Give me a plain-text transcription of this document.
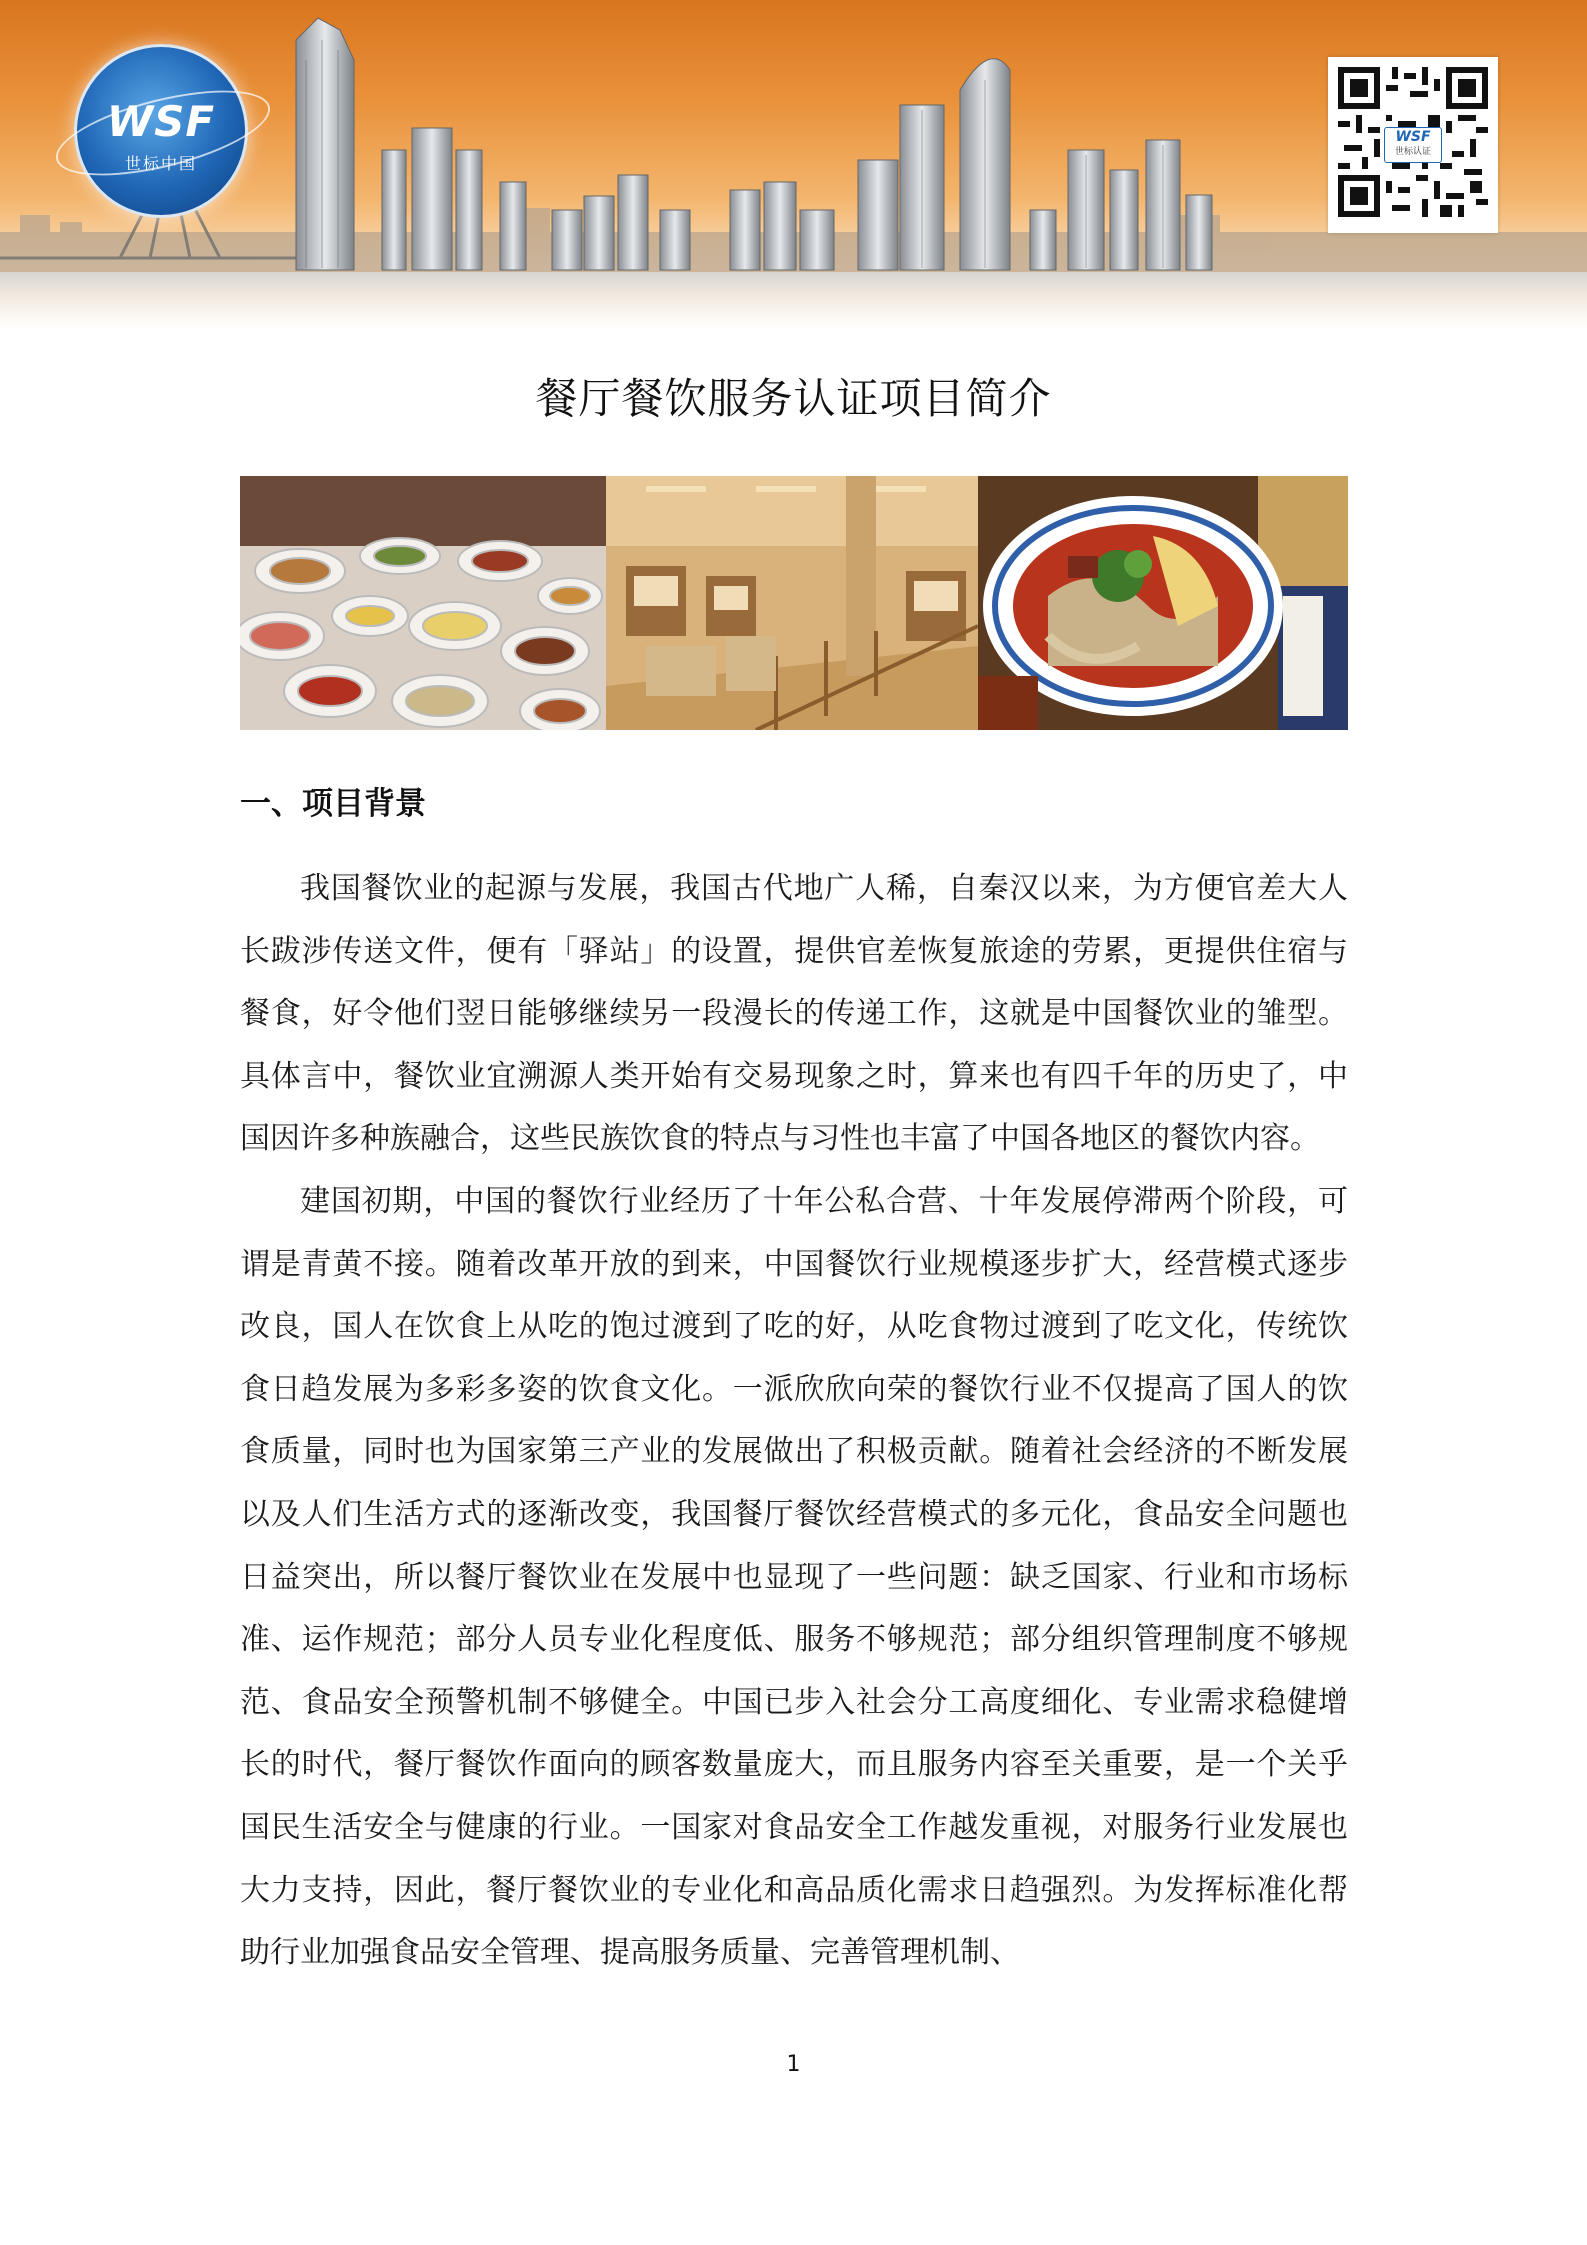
WSF
世标中国
WSF
世标认证
餐厅餐饮服务认证项目简介
一、项目背景

我国餐饮业的起源与发展，我国古代地广人稀，自秦汉以来，为方便官差大人长跋涉传送文件，便有「驿站」的设置，提供官差恢复旅途的劳累，更提供住宿与餐食，好令他们翌日能够继续另一段漫长的传递工作，这就是中国餐饮业的雏型。具体言中，餐饮业宜溯源人类开始有交易现象之时，算来也有四千年的历史了，中国因许多种族融合，这些民族饮食的特点与习性也丰富了中国各地区的餐饮内容。

建国初期，中国的餐饮行业经历了十年公私合营、十年发展停滞两个阶段，可谓是青黄不接。随着改革开放的到来，中国餐饮行业规模逐步扩大，经营模式逐步改良，国人在饮食上从吃的饱过渡到了吃的好，从吃食物过渡到了吃文化，传统饮食日趋发展为多彩多姿的饮食文化。一派欣欣向荣的餐饮行业不仅提高了国人的饮食质量，同时也为国家第三产业的发展做出了积极贡献。随着社会经济的不断发展以及人们生活方式的逐渐改变，我国餐厅餐饮经营模式的多元化，食品安全问题也日益突出，所以餐厅餐饮业在发展中也显现了一些问题：缺乏国家、行业和市场标准、运作规范；部分人员专业化程度低、服务不够规范；部分组织管理制度不够规范、食品安全预警机制不够健全。中国已步入社会分工高度细化、专业需求稳健增长的时代，餐厅餐饮作面向的顾客数量庞大，而且服务内容至关重要，是一个关乎国民生活安全与健康的行业。一国家对食品安全工作越发重视，对服务行业发展也大力支持，因此，餐厅餐饮业的专业化和高品质化需求日趋强烈。为发挥标准化帮助行业加强食品安全管理、提高服务质量、完善管理机制、

1
